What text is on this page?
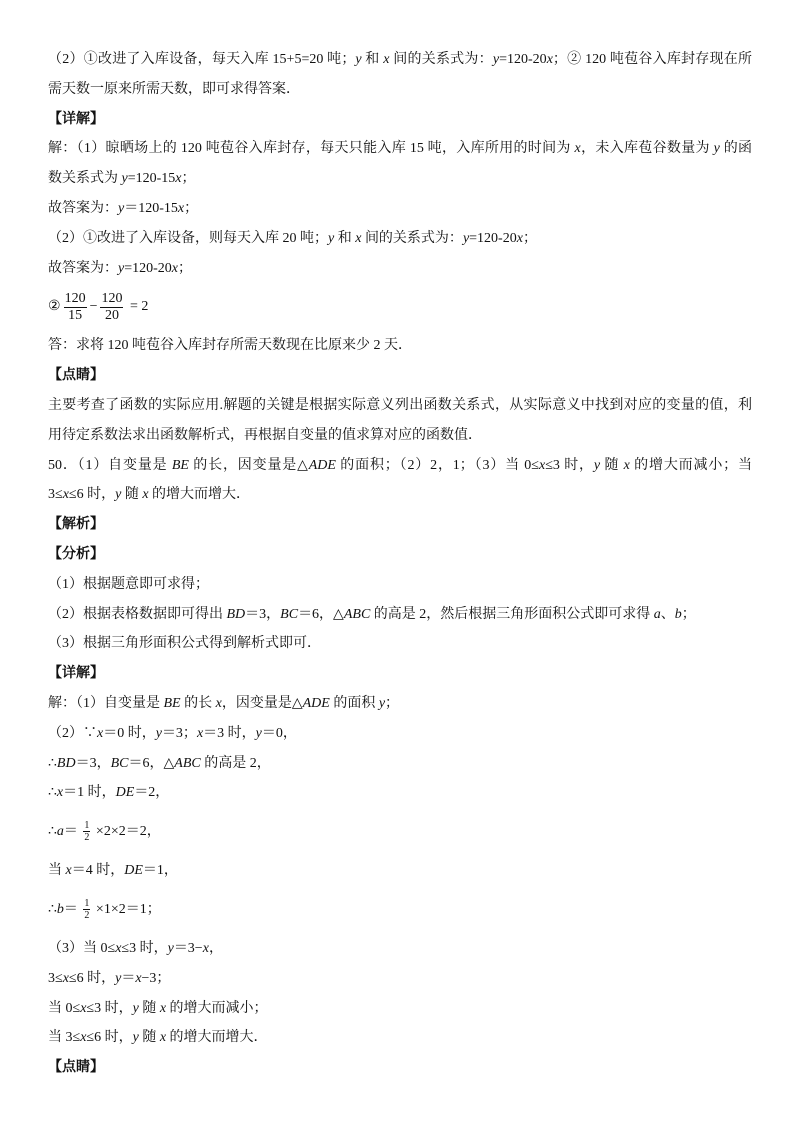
（2）①改进了入库设备，每天入库 15+5=20 吨；y 和 x 间的关系式为：y=120-20x；② 120 吨苞谷入库封存现在所
需天数一原来所需天数，即可求得答案．
【详解】
解：（1）晾晒场上的 120 吨苞谷入库封存，每天只能入库 15 吨，入库所用的时间为 x，未入库苞谷数量为 y 的函
数关系式为 y=120-15x；
故答案为：y＝120-15x；
（2）①改进了入库设备，则每天入库 20 吨；y 和 x 间的关系式为：y=120-20x；
故答案为：y=120-20x；
② $\frac{120}{15} - \frac{120}{20} = 2$
答：求将 120 吨苞谷入库封存所需天数现在比原来少 2 天．
【点睛】
主要考查了函数的实际应用.解题的关键是根据实际意义列出函数关系式，从实际意义中找到对应的变量的值，利
用待定系数法求出函数解析式，再根据自变量的值求算对应的函数值．
50．（1）自变量是 BE 的长，因变量是△ADE 的面积；（2）2，1；（3）当 0≤x≤3 时，y 随 x 的增大而减小；当
3≤x≤6 时，y 随 x 的增大而增大．
【解析】
【分析】
（1）根据题意即可求得；
（2）根据表格数据即可得出 BD＝3，BC＝6，△ABC 的高是 2，然后根据三角形面积公式即可求得 a、b；
（3）根据三角形面积公式得到解析式即可．
【详解】
解：（1）自变量是 BE 的长 x，因变量是△ADE 的面积 y；
（2）∵x＝0 时，y＝3；x＝3 时，y＝0，
∴BD＝3，BC＝6，△ABC 的高是 2，
∴x＝1 时，DE＝2，
∴a＝ $\frac{1}{2} \times 2\times 2=2$，
当 x＝4 时，DE＝1，
∴b＝ $\frac{1}{2} \times 1\times 2=1$；
（3）当 0≤x≤3 时，y＝3−x，
3≤x≤6 时，y＝x−3；
当 0≤x≤3 时，y 随 x 的增大而减小；
当 3≤x≤6 时，y 随 x 的增大而增大．
【点睛】
